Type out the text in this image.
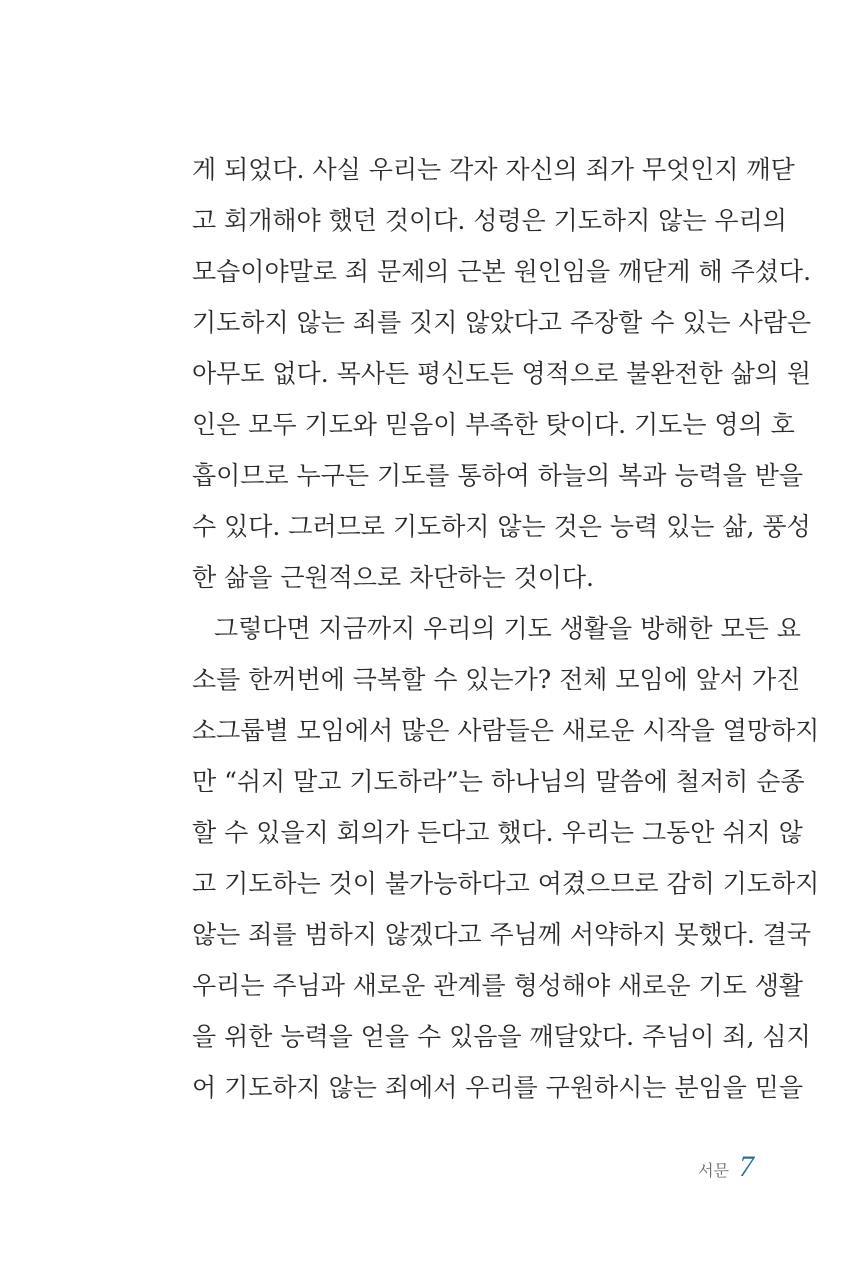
게 되었다. 사실 우리는 각자 자신의 죄가 무엇인지 깨닫
고 회개해야 했던 것이다. 성령은 기도하지 않는 우리의
모습이야말로 죄 문제의 근본 원인임을 깨닫게 해 주셨다.
기도하지 않는 죄를 짓지 않았다고 주장할 수 있는 사람은
아무도 없다. 목사든 평신도든 영적으로 불완전한 삶의 원
인은 모두 기도와 믿음이 부족한 탓이다. 기도는 영의 호
흡이므로 누구든 기도를 통하여 하늘의 복과 능력을 받을
수 있다. 그러므로 기도하지 않는 것은 능력 있는 삶, 풍성
한 삶을 근원적으로 차단하는 것이다.
그렇다면 지금까지 우리의 기도 생활을 방해한 모든 요
소를 한꺼번에 극복할 수 있는가? 전체 모임에 앞서 가진
소그룹별 모임에서 많은 사람들은 새로운 시작을 열망하지
만 “쉬지 말고 기도하라”는 하나님의 말씀에 철저히 순종
할 수 있을지 회의가 든다고 했다. 우리는 그동안 쉬지 않
고 기도하는 것이 불가능하다고 여겼으므로 감히 기도하지
않는 죄를 범하지 않겠다고 주님께 서약하지 못했다. 결국
우리는 주님과 새로운 관계를 형성해야 새로운 기도 생활
을 위한 능력을 얻을 수 있음을 깨달았다. 주님이 죄, 심지
어 기도하지 않는 죄에서 우리를 구원하시는 분임을 믿을
서문 7
